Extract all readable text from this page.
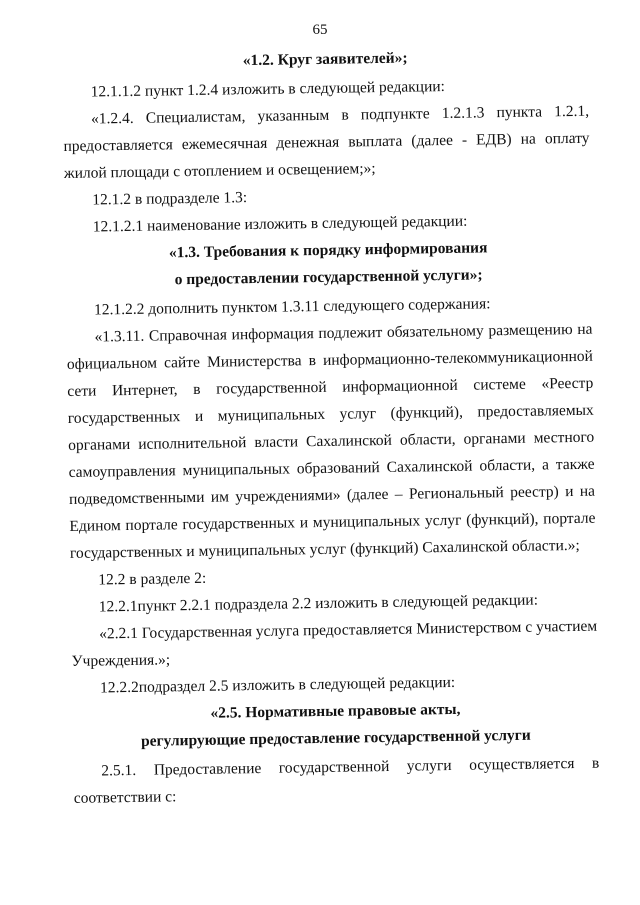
65

«1.2. Круг заявителей»;

12.1.1.2 пункт 1.2.4 изложить в следующей редакции:

«1.2.4. Специалистам, указанным в подпункте 1.2.1.3 пункта 1.2.1, предоставляется ежемесячная денежная выплата (далее - ЕДВ) на оплату жилой площади с отоплением и освещением;»;

12.1.2 в подразделе 1.3:

12.1.2.1 наименование изложить в следующей редакции:

«1.3. Требования к порядку информирования
о предоставлении государственной услуги»;

12.1.2.2 дополнить пунктом 1.3.11 следующего содержания:

«1.3.11. Справочная информация подлежит обязательному размещению на официальном сайте Министерства в информационно-телекоммуникационной сети Интернет, в государственной информационной системе «Реестр государственных и муниципальных услуг (функций), предоставляемых органами исполнительной власти Сахалинской области, органами местного самоуправления муниципальных образований Сахалинской области, а также подведомственными им учреждениями» (далее – Региональный реестр) и на Едином портале государственных и муниципальных услуг (функций), портале государственных и муниципальных услуг (функций) Сахалинской области.»;

12.2 в разделе 2:

12.2.1пункт 2.2.1 подраздела 2.2 изложить в следующей редакции:

«2.2.1 Государственная услуга предоставляется Министерством с участием Учреждения.»;

12.2.2подраздел 2.5 изложить в следующей редакции:

«2.5. Нормативные правовые акты,
регулирующие предоставление государственной услуги

2.5.1. Предоставление государственной услуги осуществляется в соответствии с:
